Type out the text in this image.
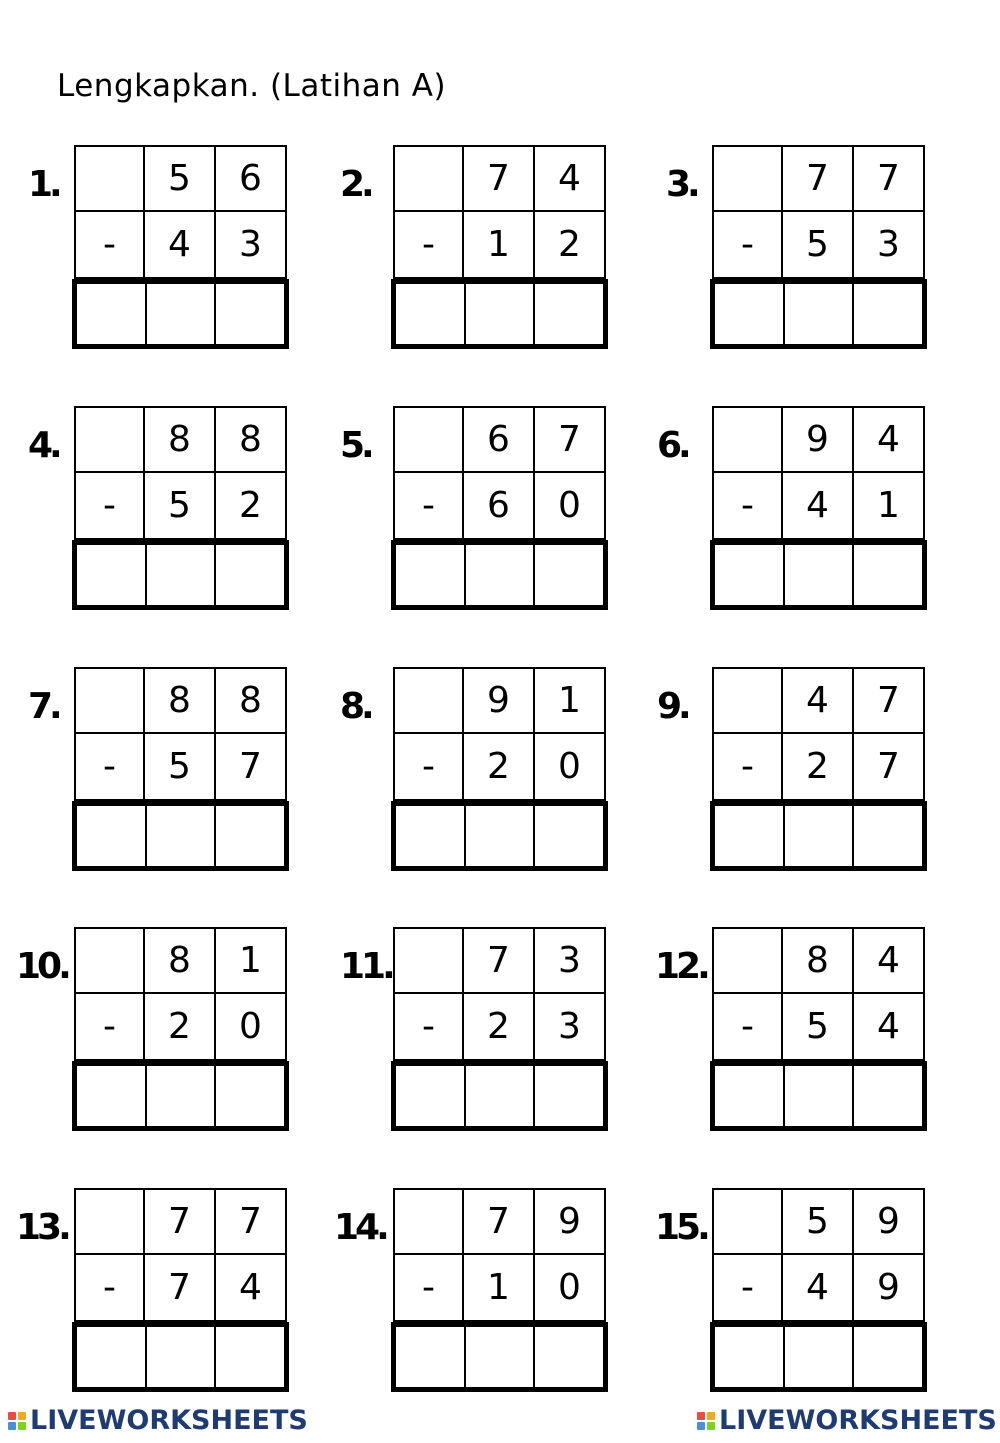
Lengkapkan. (Latihan A)
1.	5	6
-	4	3
2.	7	4
-	1	2
3.	7	7
-	5	3
4.	8	8
-	5	2
5.	6	7
-	6	0
6.	9	4
-	4	1
7.	8	8
-	5	7
8.	9	1
-	2	0
9.	4	7
-	2	7
10.	8	1
-	2	0
11.	7	3
-	2	3
12.	8	4
-	5	4
13.	7	7
-	7	4
14.	7	9
-	1	0
15.	5	9
-	4	9
LIVEWORKSHEETS	LIVEWORKSHEETS
